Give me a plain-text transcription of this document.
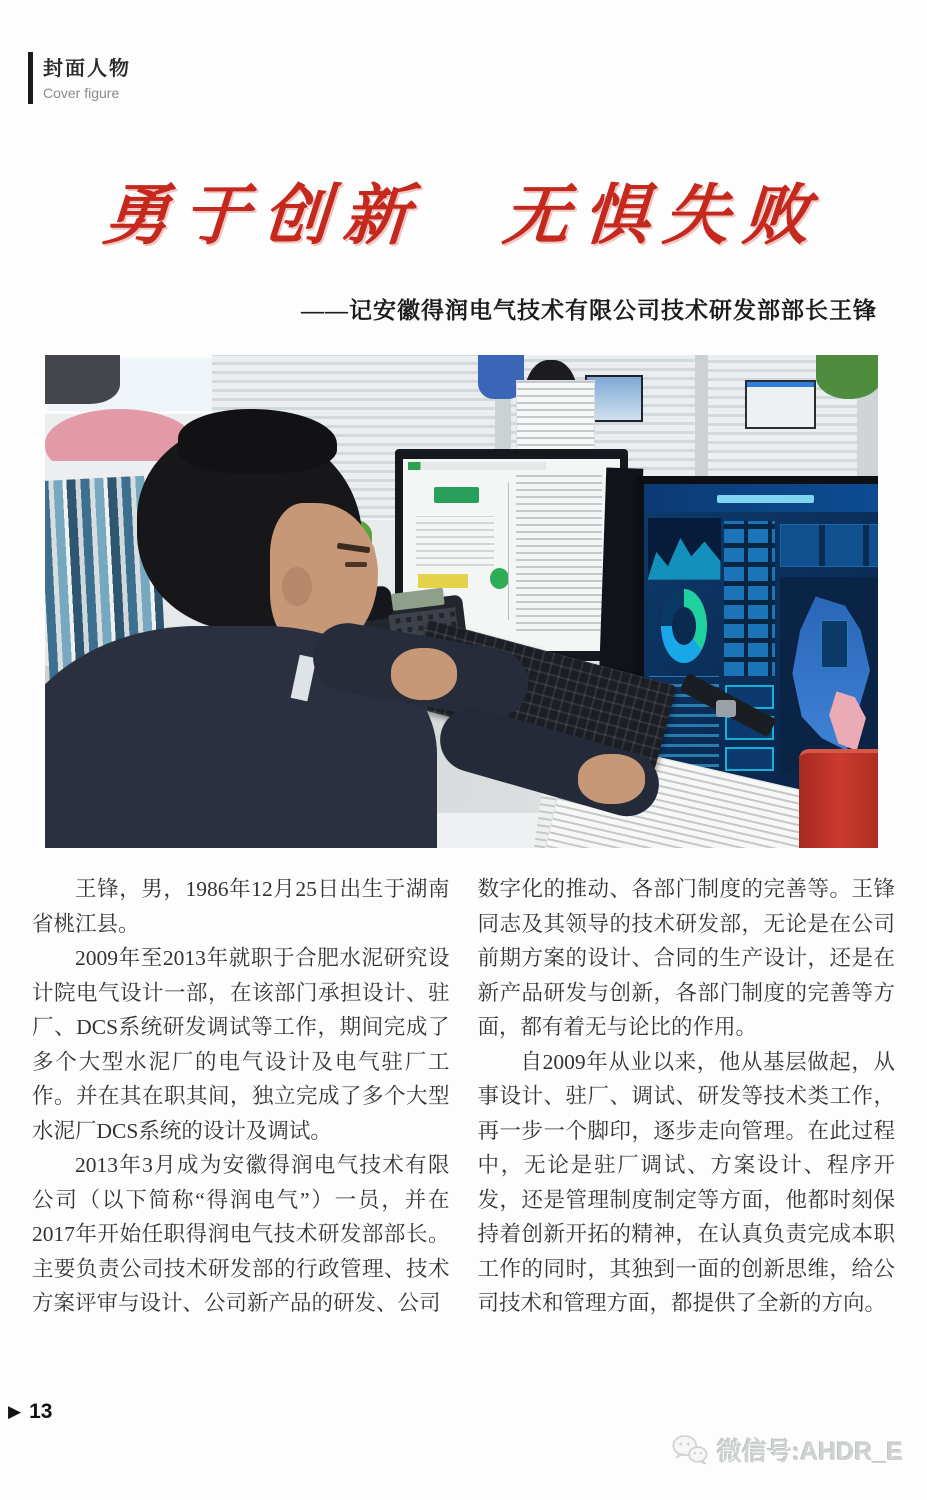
封面人物
Cover figure
勇于创新　无惧失败
——记安徽得润电气技术有限公司技术研发部部长王锋

王锋，男，1986年12月25日出生于湖南省桃江县。

2009年至2013年就职于合肥水泥研究设计院电气设计一部，在该部门承担设计、驻厂、DCS系统研发调试等工作，期间完成了多个大型水泥厂的电气设计及电气驻厂工作。并在其在职其间，独立完成了多个大型水泥厂DCS系统的设计及调试。

2013年3月成为安徽得润电气技术有限公司（以下简称“得润电气”）一员，并在2017年开始任职得润电气技术研发部部长。主要负责公司技术研发部的行政管理、技术方案评审与设计、公司新产品的研发、公司

数字化的推动、各部门制度的完善等。王锋同志及其领导的技术研发部，无论是在公司前期方案的设计、合同的生产设计，还是在新产品研发与创新，各部门制度的完善等方面，都有着无与论比的作用。

自2009年从业以来，他从基层做起，从事设计、驻厂、调试、研发等技术类工作，再一步一个脚印，逐步走向管理。在此过程中，无论是驻厂调试、方案设计、程序开发，还是管理制度制定等方面，他都时刻保持着创新开拓的精神，在认真负责完成本职工作的同时，其独到一面的创新思维，给公司技术和管理方面，都提供了全新的方向。

▶ 13
微信号:AHDR_E
